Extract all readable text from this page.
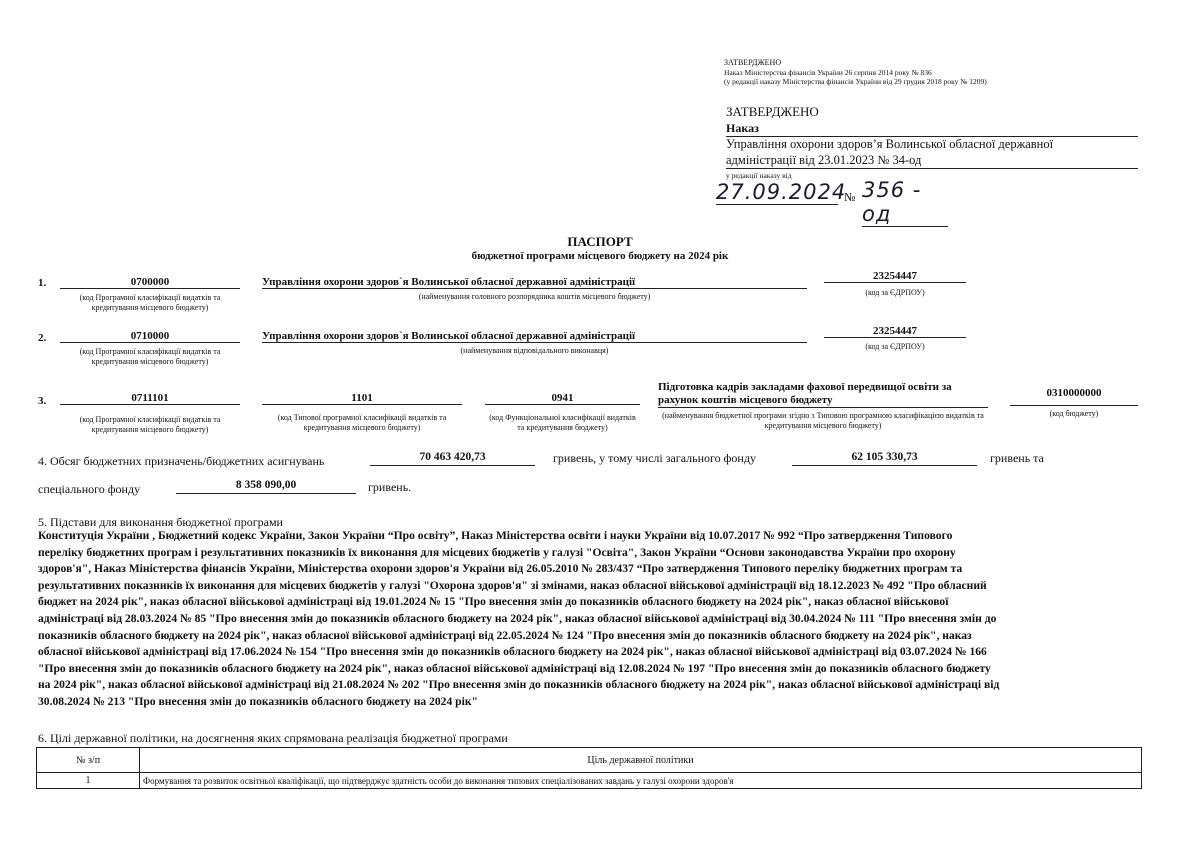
ЗАТВЕРДЖЕНО
Наказ Міністерства фінансів України 26 серпня 2014 року № 836
(у редакції наказу Міністерства фінансів України від 29 грудня 2018 року № 1209)
ЗАТВЕРДЖЕНО
Наказ
Управління охорони здоров’я Волинської обласної державної
адміністрації від 23.01.2023 № 34-од
у редакції наказу від
27.09.2024
№ 356 - од
ПАСПОРТ
бюджетної програми місцевого бюджету на 2024 рік
1.	0700000
(код Програмної класифікації видатків та кредитування місцевого бюджету)
Управління охорони здоров`я Волинської обласної державної адміністрації
(найменування головного розпорядника коштів місцевого бюджету)
23254447
(код за ЄДРПОУ)
2.	0710000
(код Програмної класифікації видатків та кредитування місцевого бюджету)
Управління охорони здоров`я Волинської обласної державної адміністрації
(найменування відповідального виконавця)
23254447
(код за ЄДРПОУ)
3.	0711101
(код Програмної класифікації видатків та кредитування місцевого бюджету)
1101
(код Типової програмної класифікації видатків та кредитування місцевого бюджету)
0941
(код Функціональної класифікації видатків та кредитування бюджету)
Підготовка кадрів закладами фахової передвищої освіти за
рахунок коштів місцевого бюджету
(найменування бюджетної програми згідно з Типовою програмною класифікацією видатків та кредитування місцевого бюджету)
0310000000
(код бюджету)
4. Обсяг бюджетних призначень/бюджетних асигнувань	70 463 420,73	гривень, у тому числі загального фонду	62 105 330,73	гривень та
спеціального фонду	8 358 090,00	гривень.
5. Підстави для виконання бюджетної програми
Конституція України , Бюджетний кодекс України, Закон України “Про освіту”, Наказ Міністерства освіти і науки України від 10.07.2017 № 992 “Про затвердження Типового
переліку бюджетних програм і результативних показників їх виконання для місцевих бюджетів у галузі "Освіта", Закон України “Основи законодавства України про охорону
здоров'я", Наказ Міністерства фінансів України, Міністерства охорони здоров'я України від 26.05.2010 № 283/437 “Про затвердження Типового переліку бюджетних програм та
результативних показників їх виконання для місцевих бюджетів у галузі "Охорона здоров'я" зі змінами, наказ обласної військової адміністрації від 18.12.2023 № 492 "Про обласний
бюджет на 2024 рік", наказ обласної військової адміністраці від 19.01.2024 № 15 "Про внесення змін до показників обласного бюджету на 2024 рік", наказ обласної військової
адміністраці від 28.03.2024 № 85 "Про внесення змін до показників обласного бюджету на 2024 рік", наказ обласної військової адміністраці від 30.04.2024 № 111 "Про внесення змін до
показників обласного бюджету на 2024 рік", наказ обласної військової адміністраці від 22.05.2024 № 124 "Про внесення змін до показників обласного бюджету на 2024 рік", наказ
обласної військової адміністраці від 17.06.2024 № 154 "Про внесення змін до показників обласного бюджету на 2024 рік", наказ обласної військової адміністраці від 03.07.2024 № 166
"Про внесення змін до показників обласного бюджету на 2024 рік", наказ обласної військової адміністраці від 12.08.2024 № 197 "Про внесення змін до показників обласного бюджету
на 2024 рік", наказ обласної військової адміністраці від 21.08.2024 № 202 "Про внесення змін до показників обласного бюджету на 2024 рік", наказ обласної військової адміністраці від
30.08.2024 № 213 "Про внесення змін до показників обласного бюджету на 2024 рік"
6. Цілі державної політики, на досягнення яких спрямована реалізація бюджетної програми
№ з/п	Ціль державної політики
1	Формування та розвиток освітньої кваліфікації, що підтверджує здатність особи до виконання типових спеціалізованих завдань у галузі охорони здоров'я
